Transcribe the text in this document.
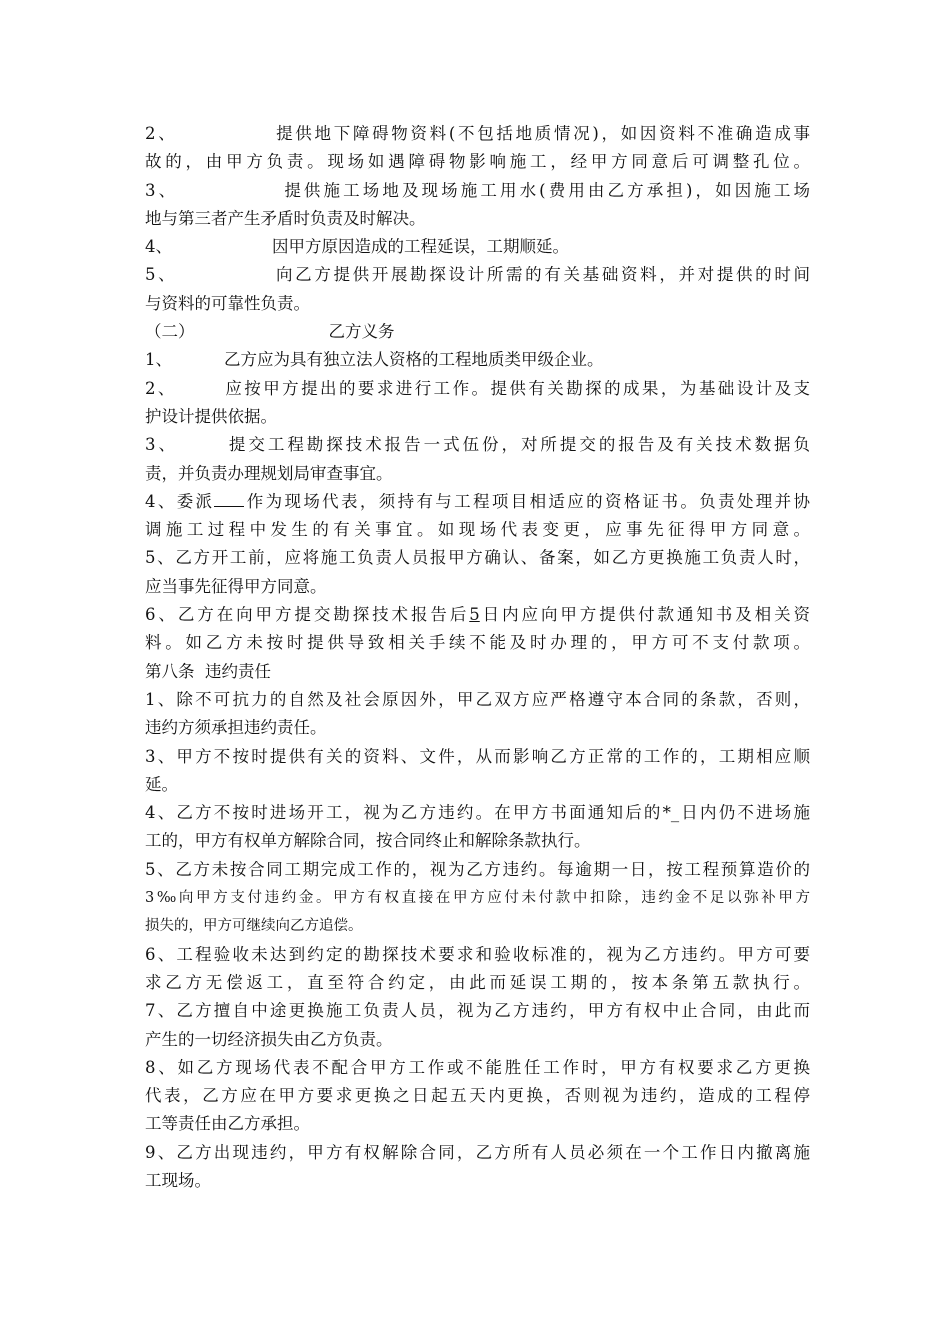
2、	提供地下障碍物资料(不包括地质情况)，如因资料不准确造成事
故的，由甲方负责。现场如遇障碍物影响施工，经甲方同意后可调整孔位。
3、	提供施工场地及现场施工用水(费用由乙方承担)，如因施工场
地与第三者产生矛盾时负责及时解决。
4、	因甲方原因造成的工程延误，工期顺延。
5、	向乙方提供开展勘探设计所需的有关基础资料，并对提供的时间
与资料的可靠性负责。
（二）	乙方义务
1、	乙方应为具有独立法人资格的工程地质类甲级企业。
2、	应按甲方提出的要求进行工作。提供有关勘探的成果，为基础设计及支
护设计提供依据。
3、	提交工程勘探技术报告一式伍份，对所提交的报告及有关技术数据负
责，并负责办理规划局审查事宜。
4、委派 作为现场代表，须持有与工程项目相适应的资格证书。负责处理并协
调施工过程中发生的有关事宜。如现场代表变更，应事先征得甲方同意。
5、乙方开工前，应将施工负责人员报甲方确认、备案，如乙方更换施工负责人时，
应当事先征得甲方同意。
6、乙方在向甲方提交勘探技术报告后5日内应向甲方提供付款通知书及相关资
料。如乙方未按时提供导致相关手续不能及时办理的，甲方可不支付款项。
第八条  违约责任
1、除不可抗力的自然及社会原因外，甲乙双方应严格遵守本合同的条款，否则，
违约方须承担违约责任。
3、甲方不按时提供有关的资料、文件，从而影响乙方正常的工作的，工期相应顺
延。
4、乙方不按时进场开工，视为乙方违约。在甲方书面通知后的*_日内仍不进场施
工的，甲方有权单方解除合同，按合同终止和解除条款执行。
5、乙方未按合同工期完成工作的，视为乙方违约。每逾期一日，按工程预算造价的
3‰向甲方支付违约金。甲方有权直接在甲方应付未付款中扣除，违约金不足以弥补甲方
损失的，甲方可继续向乙方追偿。
6、工程验收未达到约定的勘探技术要求和验收标准的，视为乙方违约。甲方可要
求乙方无偿返工，直至符合约定，由此而延误工期的，按本条第五款执行。
7、乙方擅自中途更换施工负责人员，视为乙方违约，甲方有权中止合同，由此而
产生的一切经济损失由乙方负责。
8、如乙方现场代表不配合甲方工作或不能胜任工作时，甲方有权要求乙方更换
代表，乙方应在甲方要求更换之日起五天内更换，否则视为违约，造成的工程停
工等责任由乙方承担。
9、乙方出现违约，甲方有权解除合同，乙方所有人员必须在一个工作日内撤离施
工现场。
